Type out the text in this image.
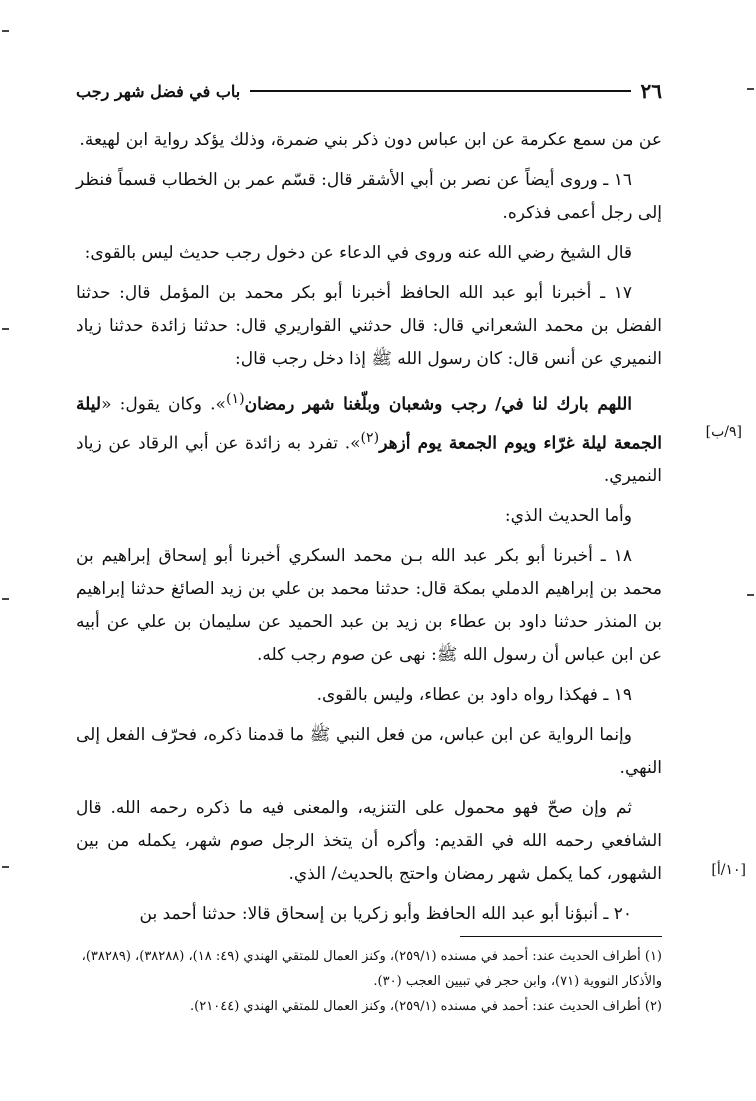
٢٦
باب في فضل شهر رجب

عن من سمع عكرمة عن ابن عباس دون ذكر بني ضمرة، وذلك يؤكد رواية ابن لهيعة.

١٦ ـ وروى أيضاً عن نصر بن أبي الأشقر قال: قسّم عمر بن الخطاب قسماً فنظر إلى رجل أعمى فذكره.

قال الشيخ رضي الله عنه وروى في الدعاء عن دخول رجب حديث ليس بالقوى:

١٧ ـ أخبرنا أبو عبد الله الحافظ أخبرنا أبو بكر محمد بن المؤمل قال: حدثنا الفضل بن محمد الشعراني قال: قال حدثني القواريري قال: حدثنا زائدة حدثنا زياد النميري عن أنس قال: كان رسول الله ﷺ إذا دخل رجب قال:

اللهم بارك لنا في/ رجب وشعبان وبلّغنا شهر رمضان$^{(١)}$». وكان يقول: «ليلة الجمعة ليلة غرّاء ويوم الجمعة يوم أزهر$^{(٢)}$». تفرد به زائدة عن أبي الرقاد عن زياد النميري.

وأما الحديث الذي:

١٨ ـ أخبرنا أبو بكر عبد الله بـن محمد السكري أخبرنا أبو إسحاق إبراهيم بن محمد بن إبراهيم الدملي بمكة قال: حدثنا محمد بن علي بن زيد الصائغ حدثنا إبراهيم بن المنذر حدثنا داود بن عطاء بن زيد بن عبد الحميد عن سليمان بن علي عن أبيه عن ابن عباس أن رسول الله ﷺ: نهى عن صوم رجب كله.

١٩ ـ فهكذا رواه داود بن عطاء، وليس بالقوى.

وإنما الرواية عن ابن عباس، من فعل النبي ﷺ ما قدمنا ذكره، فحرّف الفعل إلى النهي.

ثم وإن صحّ فهو محمول على التنزيه، والمعنى فيه ما ذكره رحمه الله. قال الشافعي رحمه الله في القديم: وأكره أن يتخذ الرجل صوم شهر، يكمله من بين الشهور، كما يكمل شهر رمضان واحتج بالحديث/ الذي.

٢٠ ـ أنبؤنا أبو عبد الله الحافظ وأبو زكريا بن إسحاق قالا: حدثنا أحمد بن

[٩/ب]
[١٠/أ]

(١) أطراف الحديث عند: أحمد في مسنده (٢٥٩/١)، وكنز العمال للمتقي الهندي (٤٩: ١٨)، (٣٨٢٨٨)، (٣٨٢٨٩)، والأذكار النووية (٧١)، وابن حجر في تبيين العجب (٣٠).

(٢) أطراف الحديث عند: أحمد في مسنده (٢٥٩/١)، وكنز العمال للمتقي الهندي (٢١٠٤٤).
